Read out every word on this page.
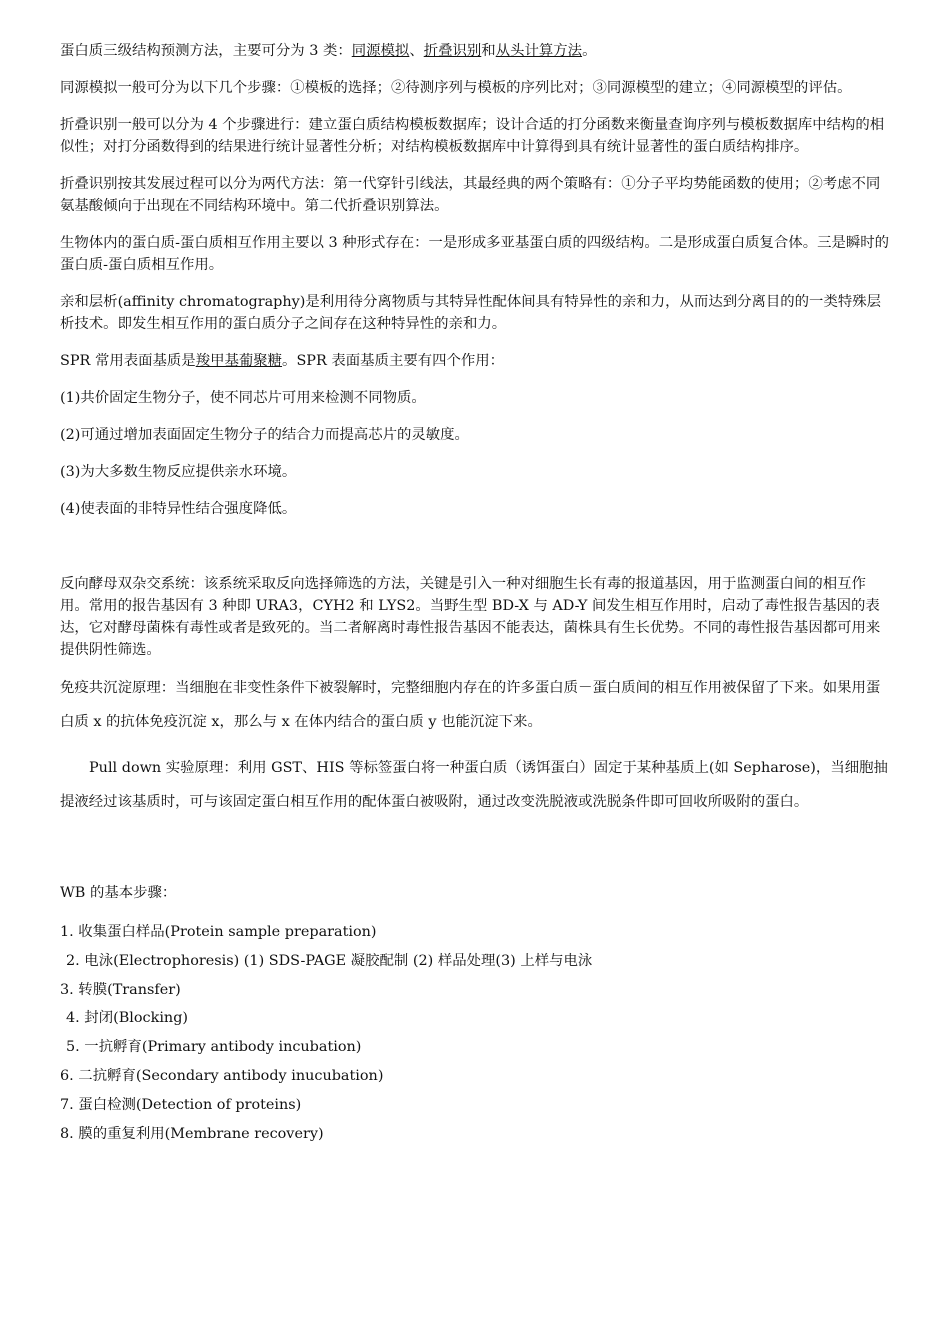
蛋白质三级结构预测方法，主要可分为 3 类：同源模拟、折叠识别和从头计算方法。

同源模拟一般可分为以下几个步骤：①模板的选择；②待测序列与模板的序列比对；③同源模型的建立；④同源模型的评估。

折叠识别一般可以分为 4 个步骤进行：建立蛋白质结构模板数据库；设计合适的打分函数来衡量查询序列与模板数据库中结构的相似性；对打分函数得到的结果进行统计显著性分析；对结构模板数据库中计算得到具有统计显著性的蛋白质结构排序。

折叠识别按其发展过程可以分为两代方法：第一代穿针引线法，其最经典的两个策略有：①分子平均势能函数的使用；②考虑不同氨基酸倾向于出现在不同结构环境中。第二代折叠识别算法。

生物体内的蛋白质-蛋白质相互作用主要以 3 种形式存在：一是形成多亚基蛋白质的四级结构。二是形成蛋白质复合体。三是瞬时的蛋白质-蛋白质相互作用。

亲和层析(affinity chromatography)是利用待分离物质与其特异性配体间具有特异性的亲和力，从而达到分离目的的一类特殊层析技术。即发生相互作用的蛋白质分子之间存在这种特异性的亲和力。

SPR 常用表面基质是羧甲基葡聚糖。SPR 表面基质主要有四个作用：

(1)共价固定生物分子，使不同芯片可用来检测不同物质。

(2)可通过增加表面固定生物分子的结合力而提高芯片的灵敏度。

(3)为大多数生物反应提供亲水环境。

(4)使表面的非特异性结合强度降低。

反向酵母双杂交系统：该系统采取反向选择筛选的方法，关键是引入一种对细胞生长有毒的报道基因，用于监测蛋白间的相互作用。常用的报告基因有 3 种即 URA3，CYH2 和 LYS2。当野生型 BD-X 与 AD-Y 间发生相互作用时，启动了毒性报告基因的表达，它对酵母菌株有毒性或者是致死的。当二者解离时毒性报告基因不能表达，菌株具有生长优势。不同的毒性报告基因都可用来提供阴性筛选。

免疫共沉淀原理：当细胞在非变性条件下被裂解时，完整细胞内存在的许多蛋白质－蛋白质间的相互作用被保留了下来。如果用蛋白质 x 的抗体免疫沉淀 x，那么与 x 在体内结合的蛋白质 y 也能沉淀下来。

Pull down 实验原理：利用 GST、HIS 等标签蛋白将一种蛋白质（诱饵蛋白）固定于某种基质上(如 Sepharose)，当细胞抽提液经过该基质时，可与该固定蛋白相互作用的配体蛋白被吸附，通过改变洗脱液或洗脱条件即可回收所吸附的蛋白。

WB 的基本步骤：

1. 收集蛋白样品(Protein sample preparation)

2. 电泳(Electrophoresis) (1) SDS-PAGE 凝胶配制 (2) 样品处理(3) 上样与电泳

3. 转膜(Transfer)

4. 封闭(Blocking)

5. 一抗孵育(Primary antibody incubation)

6. 二抗孵育(Secondary antibody inucubation)

7. 蛋白检测(Detection of proteins)

8. 膜的重复利用(Membrane recovery)
